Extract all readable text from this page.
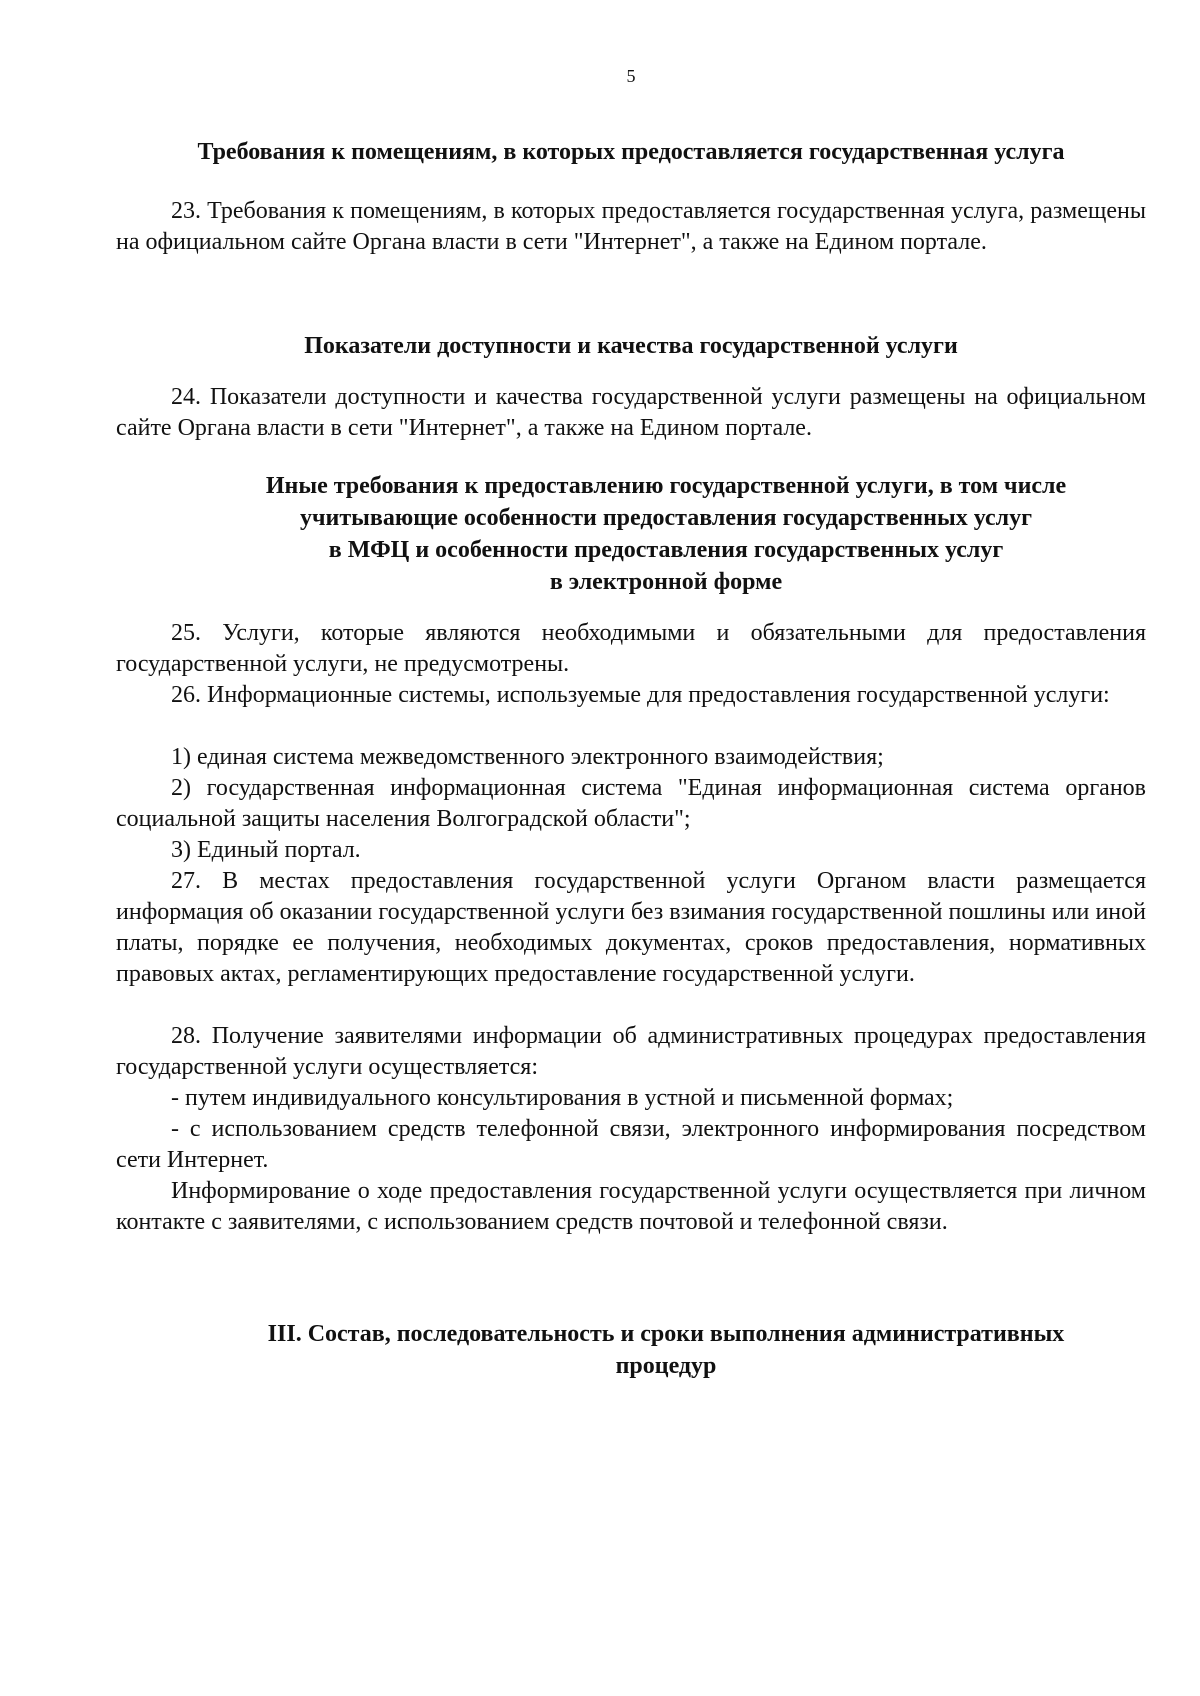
5
Требования к помещениям, в которых предоставляется государственная услуга
23. Требования к помещениям, в которых предоставляется государственная услуга, размещены на официальном сайте Органа власти в сети "Интернет", а также на Едином портале.
Показатели доступности и качества государственной услуги
24. Показатели доступности и качества государственной услуги размещены на официальном сайте Органа власти в сети "Интернет", а также на Едином портале.
Иные требования к предоставлению государственной услуги, в том числе
учитывающие особенности предоставления государственных услуг
в МФЦ и особенности предоставления государственных услуг
в электронной форме
25. Услуги, которые являются необходимыми и обязательными для предоставления государственной услуги, не предусмотрены.
26. Информационные системы, используемые для предоставления государственной услуги:
1) единая система межведомственного электронного взаимодействия;
2) государственная информационная система "Единая информационная система органов социальной защиты населения Волгоградской области";
3) Единый портал.
27. В местах предоставления государственной услуги Органом власти размещается информация об оказании государственной услуги без взимания государственной пошлины или иной платы, порядке ее получения, необходимых документах, сроков предоставления, нормативных правовых актах, регламентирующих предоставление государственной услуги.
28. Получение заявителями информации об административных процедурах предоставления государственной услуги осуществляется:
- путем индивидуального консультирования в устной и письменной формах;
- с использованием средств телефонной связи, электронного информирования посредством сети Интернет.
Информирование о ходе предоставления государственной услуги осуществляется при личном контакте с заявителями, с использованием средств почтовой и телефонной связи.
III. Состав, последовательность и сроки выполнения административных
процедур
